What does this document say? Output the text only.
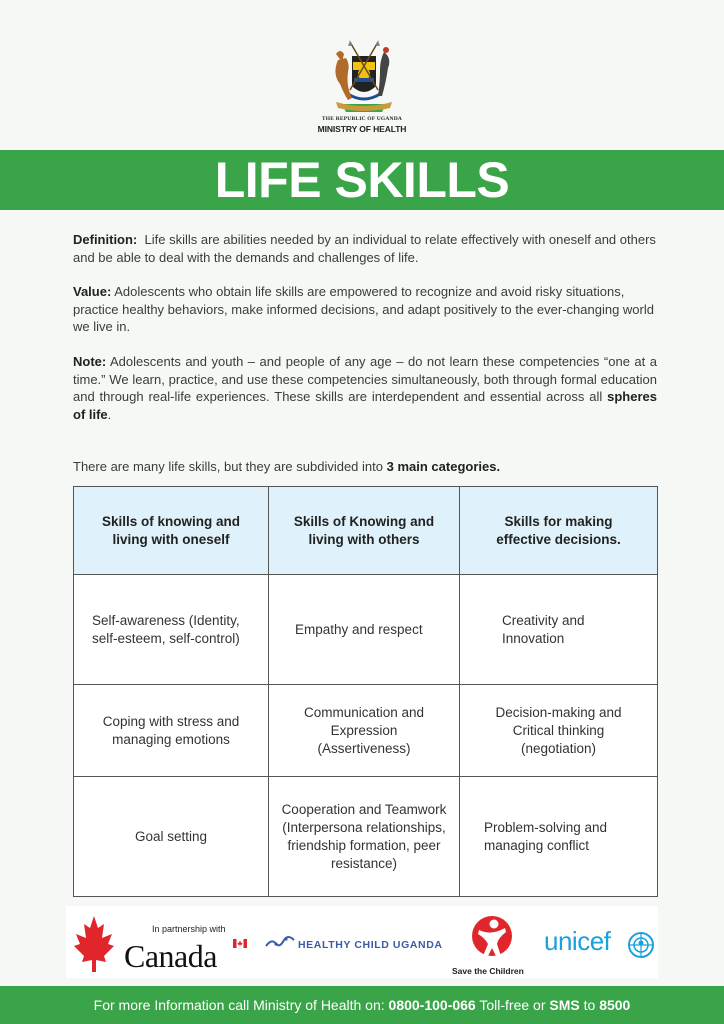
THE REPUBLIC OF UGANDA
MINISTRY OF HEALTH
LIFE SKILLS
Definition: Life skills are abilities needed by an individual to relate effectively with oneself and others and be able to deal with the demands and challenges of life.
Value: Adolescents who obtain life skills are empowered to recognize and avoid risky situations, practice healthy behaviors, make informed decisions, and adapt positively to the ever-changing world we live in.
Note: Adolescents and youth – and people of any age – do not learn these competencies “one at a time.” We learn, practice, and use these competencies simultaneously, both through formal education and through real-life experiences. These skills are interdependent and essential across all spheres of life.
There are many life skills, but they are subdivided into 3 main categories.
Skills of knowing and living with oneself	Skills of Knowing and living with others	Skills for making effective decisions.
Self-awareness (Identity, self-esteem, self-control)	Empathy and respect	Creativity and Innovation
Coping with stress and managing emotions	Communication and Expression (Assertiveness)	Decision-making and Critical thinking (negotiation)
Goal setting	Cooperation and Teamwork (Interpersona relationships, friendship formation, peer resistance)	Problem-solving and managing conflict
In partnership with
Canada	HEALTHY CHILD UGANDA
Save the Children
unicef
For more Information call Ministry of Health on: 0800-100-066 Toll-free or SMS to 8500
